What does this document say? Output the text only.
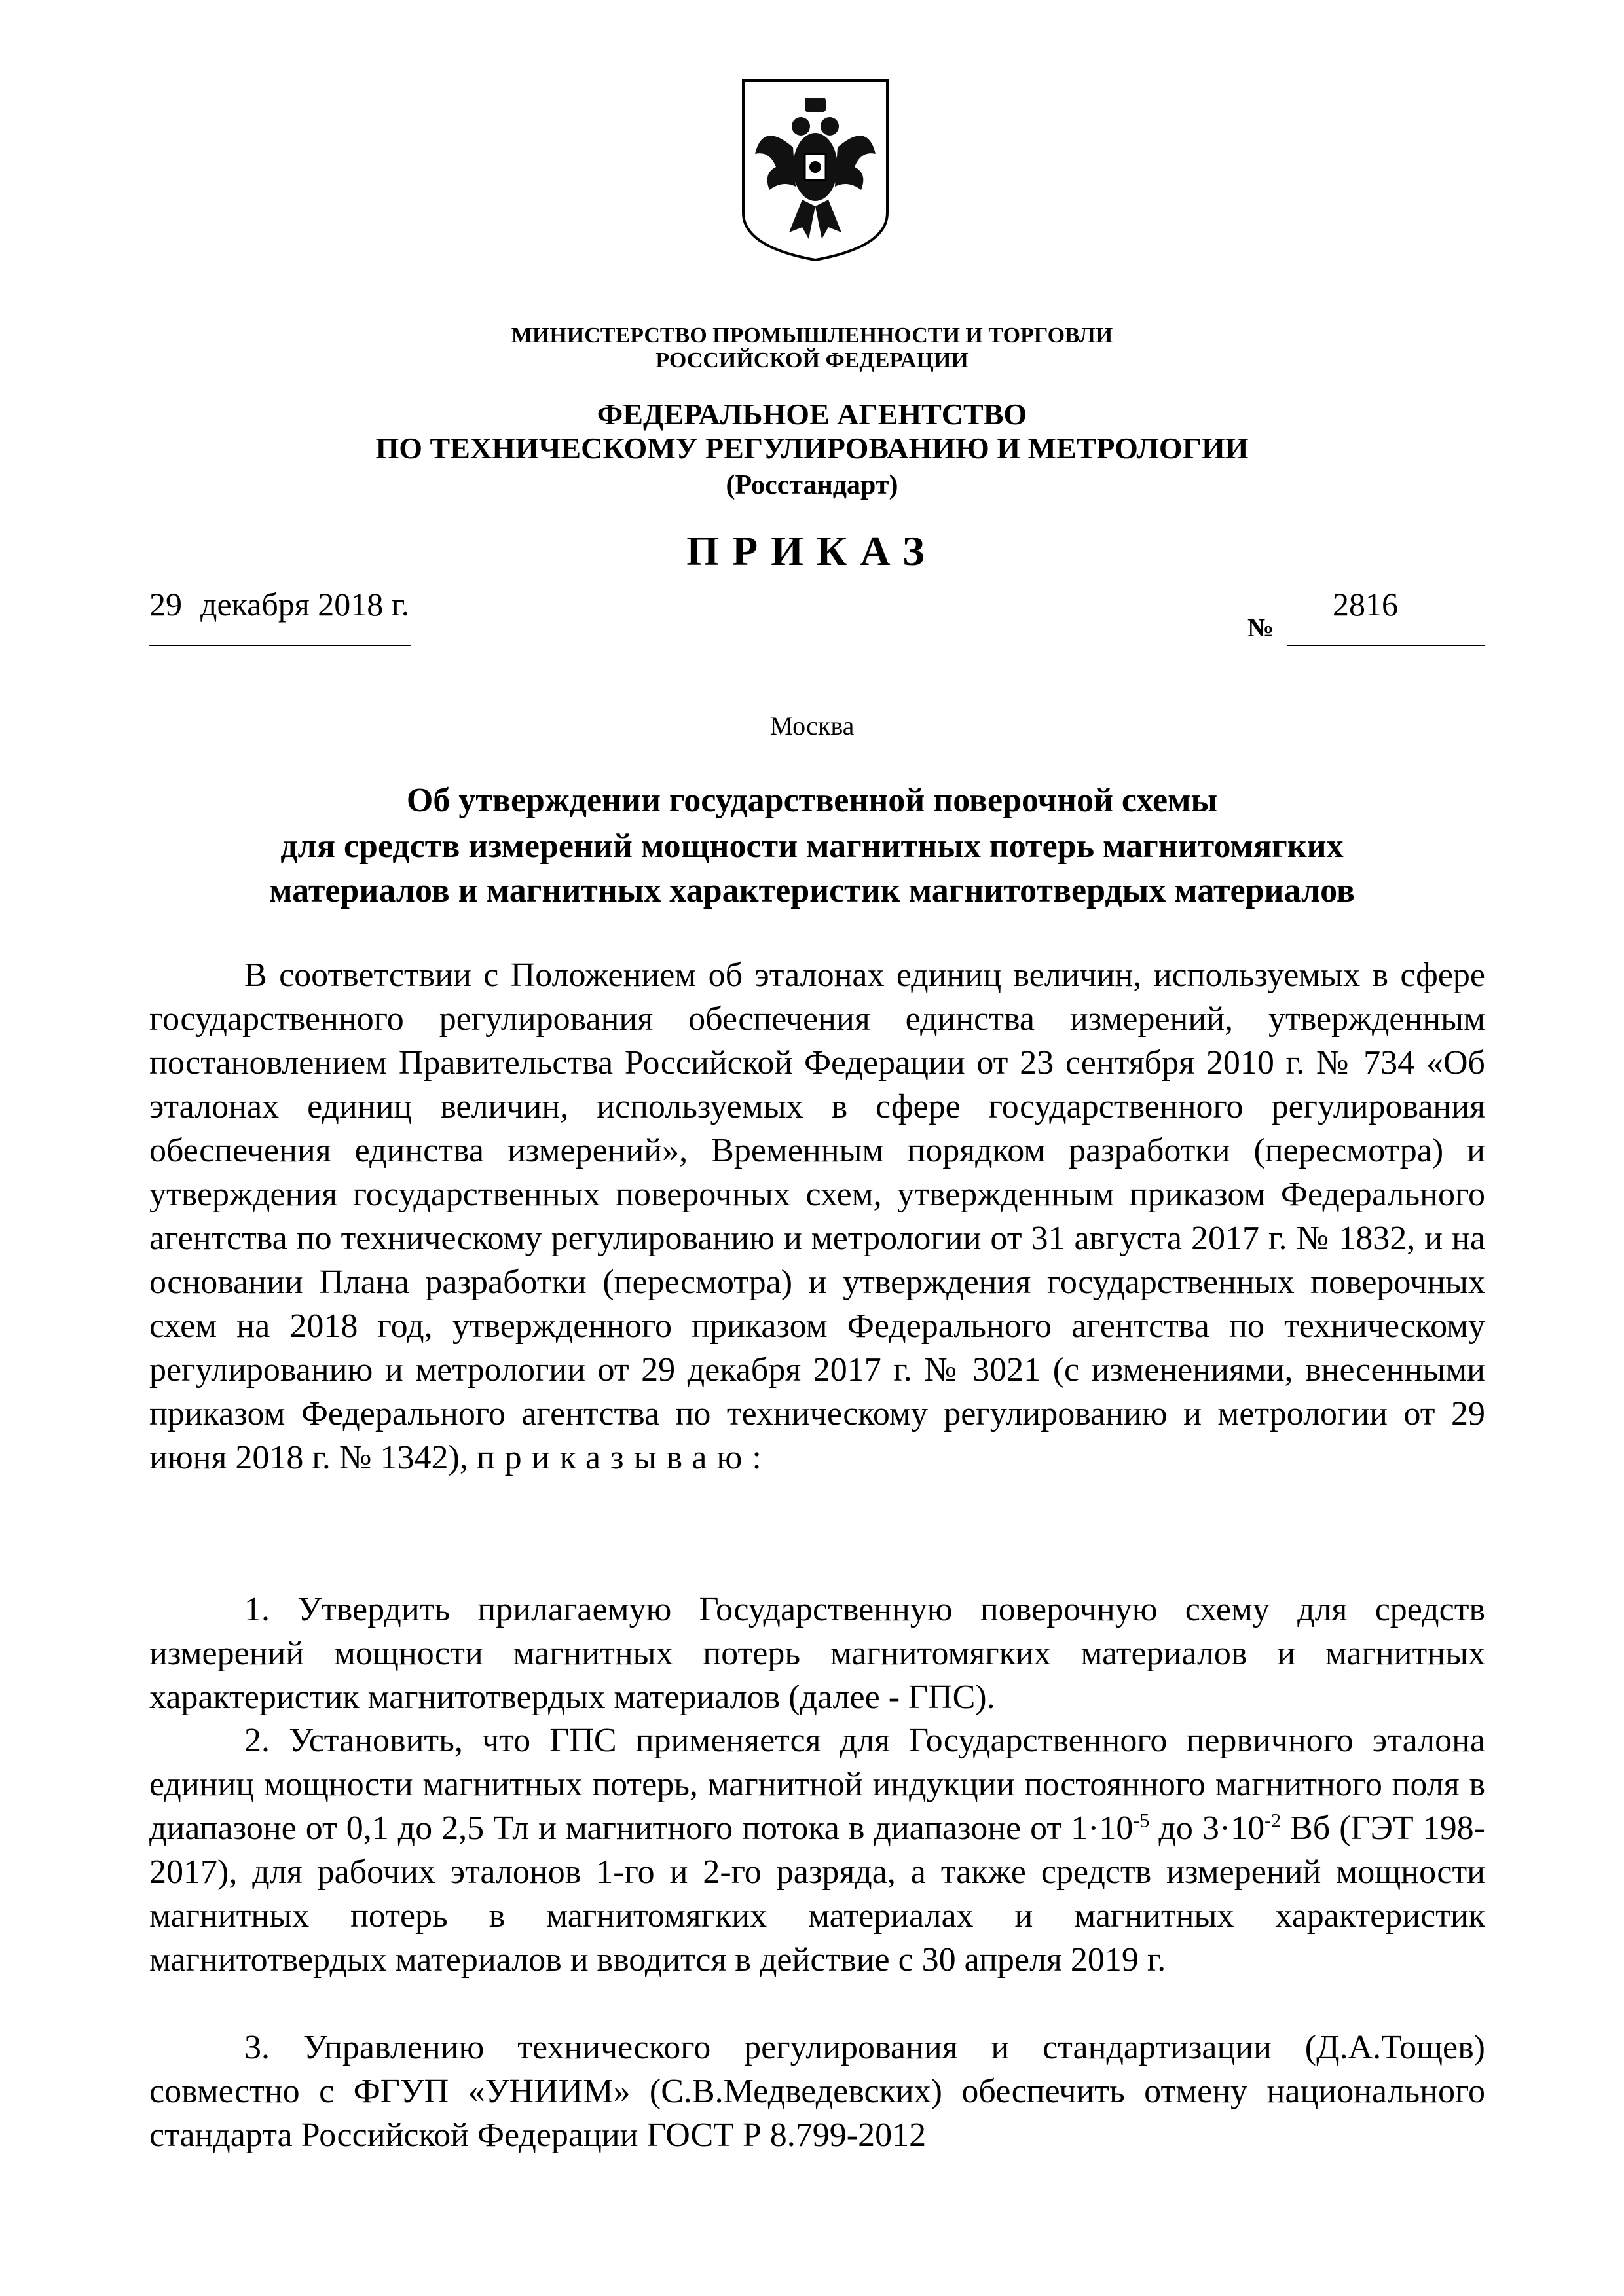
МИНИСТЕРСТВО ПРОМЫШЛЕННОСТИ И ТОРГОВЛИ
РОССИЙСКОЙ ФЕДЕРАЦИИ
ФЕДЕРАЛЬНОЕ АГЕНТСТВО
ПО ТЕХНИЧЕСКОМУ РЕГУЛИРОВАНИЮ И МЕТРОЛОГИИ
(Росстандарт)
ПРИКАЗ
29 декабря 2018 г.
№
2816
Москва
Об утверждении государственной поверочной схемы
для средств измерений мощности магнитных потерь магнитомягких
материалов и магнитных характеристик магнитотвердых материалов
В соответствии с Положением об эталонах единиц величин, используемых в сфере государственного регулирования обеспечения единства измерений, утвержденным постановлением Правительства Российской Федерации от 23 сентября 2010 г. № 734 «Об эталонах единиц величин, используемых в сфере государственного регулирования обеспечения единства измерений», Временным порядком разработки (пересмотра) и утверждения государственных поверочных схем, утвержденным приказом Федерального агентства по техническому регулированию и метрологии от 31 августа 2017 г. № 1832, и на основании Плана разработки (пересмотра) и утверждения государственных поверочных схем на 2018 год, утвержденного приказом Федерального агентства по техническому регулированию и метрологии от 29 декабря 2017 г. № 3021 (с изменениями, внесенными приказом Федерального агентства по техническому регулированию и метрологии от 29 июня 2018 г. № 1342), приказываю:
1. Утвердить прилагаемую Государственную поверочную схему для средств измерений мощности магнитных потерь магнитомягких материалов и магнитных характеристик магнитотвердых материалов (далее - ГПС).
2. Установить, что ГПС применяется для Государственного первичного эталона единиц мощности магнитных потерь, магнитной индукции постоянного магнитного поля в диапазоне от 0,1 до 2,5 Тл и магнитного потока в диапазоне от $1\cdot 10^{-5}$ до $3\cdot 10^{-2}$ Вб (ГЭТ 198-2017), для рабочих эталонов 1-го и 2-го разряда, а также средств измерений мощности магнитных потерь в магнитомягких материалах и магнитных характеристик магнитотвердых материалов и вводится в действие с 30 апреля 2019 г.
3. Управлению технического регулирования и стандартизации (Д.А.Тощев) совместно с ФГУП «УНИИМ» (С.В.Медведевских) обеспечить отмену национального стандарта Российской Федерации ГОСТ Р 8.799-2012
